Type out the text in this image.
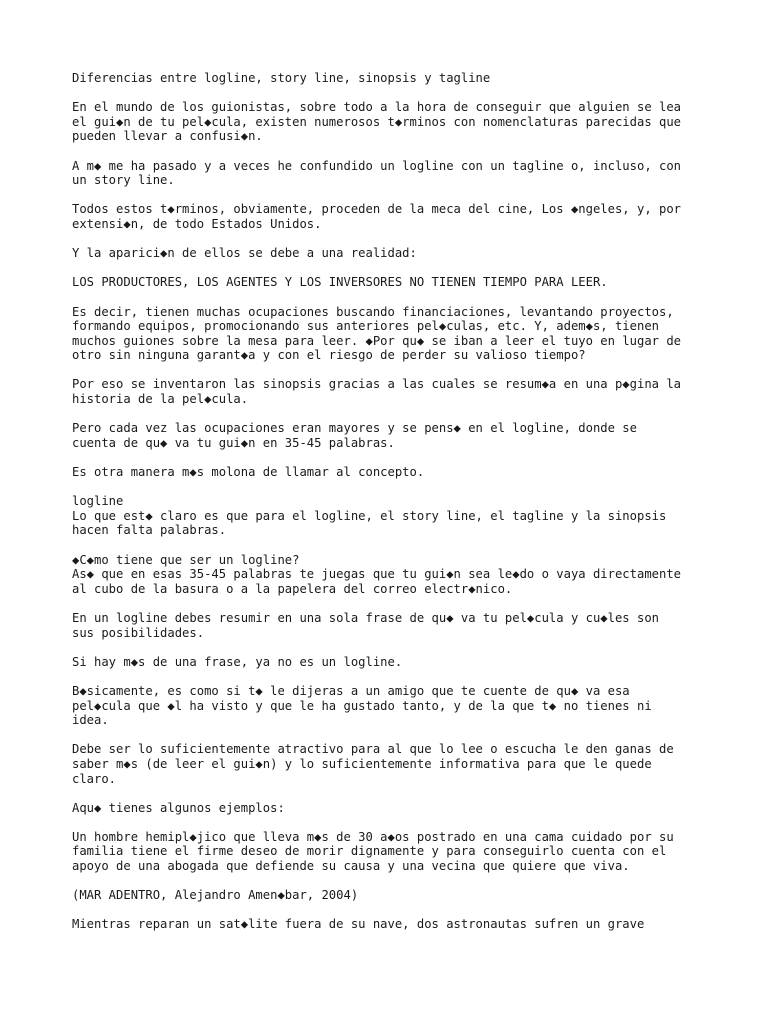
Diferencias entre logline, story line, sinopsis y tagline
En el mundo de los guionistas, sobre todo a la hora de conseguir que alguien se lea
el gui◆n de tu pel◆cula, existen numerosos t◆rminos con nomenclaturas parecidas que
pueden llevar a confusi◆n.
A m◆ me ha pasado y a veces he confundido un logline con un tagline o, incluso, con
un story line.
Todos estos t◆rminos, obviamente, proceden de la meca del cine, Los ◆ngeles, y, por
extensi◆n, de todo Estados Unidos.
Y la aparici◆n de ellos se debe a una realidad:
LOS PRODUCTORES, LOS AGENTES Y LOS INVERSORES NO TIENEN TIEMPO PARA LEER.
Es decir, tienen muchas ocupaciones buscando financiaciones, levantando proyectos,
formando equipos, promocionando sus anteriores pel◆culas, etc. Y, adem◆s, tienen
muchos guiones sobre la mesa para leer. ◆Por qu◆ se iban a leer el tuyo en lugar de
otro sin ninguna garant◆a y con el riesgo de perder su valioso tiempo?
Por eso se inventaron las sinopsis gracias a las cuales se resum◆a en una p◆gina la
historia de la pel◆cula.
Pero cada vez las ocupaciones eran mayores y se pens◆ en el logline, donde se
cuenta de qu◆ va tu gui◆n en 35-45 palabras.
Es otra manera m◆s molona de llamar al concepto.
logline
Lo que est◆ claro es que para el logline, el story line, el tagline y la sinopsis
hacen falta palabras.
◆C◆mo tiene que ser un logline?
As◆ que en esas 35-45 palabras te juegas que tu gui◆n sea le◆do o vaya directamente
al cubo de la basura o a la papelera del correo electr◆nico.
En un logline debes resumir en una sola frase de qu◆ va tu pel◆cula y cu◆les son
sus posibilidades.
Si hay m◆s de una frase, ya no es un logline.
B◆sicamente, es como si t◆ le dijeras a un amigo que te cuente de qu◆ va esa
pel◆cula que ◆l ha visto y que le ha gustado tanto, y de la que t◆ no tienes ni
idea.
Debe ser lo suficientemente atractivo para al que lo lee o escucha le den ganas de
saber m◆s (de leer el gui◆n) y lo suficientemente informativa para que le quede
claro.
Aqu◆ tienes algunos ejemplos:
Un hombre hemipl◆jico que lleva m◆s de 30 a◆os postrado en una cama cuidado por su
familia tiene el firme deseo de morir dignamente y para conseguirlo cuenta con el
apoyo de una abogada que defiende su causa y una vecina que quiere que viva.
(MAR ADENTRO, Alejandro Amen◆bar, 2004)
Mientras reparan un sat◆lite fuera de su nave, dos astronautas sufren un grave
